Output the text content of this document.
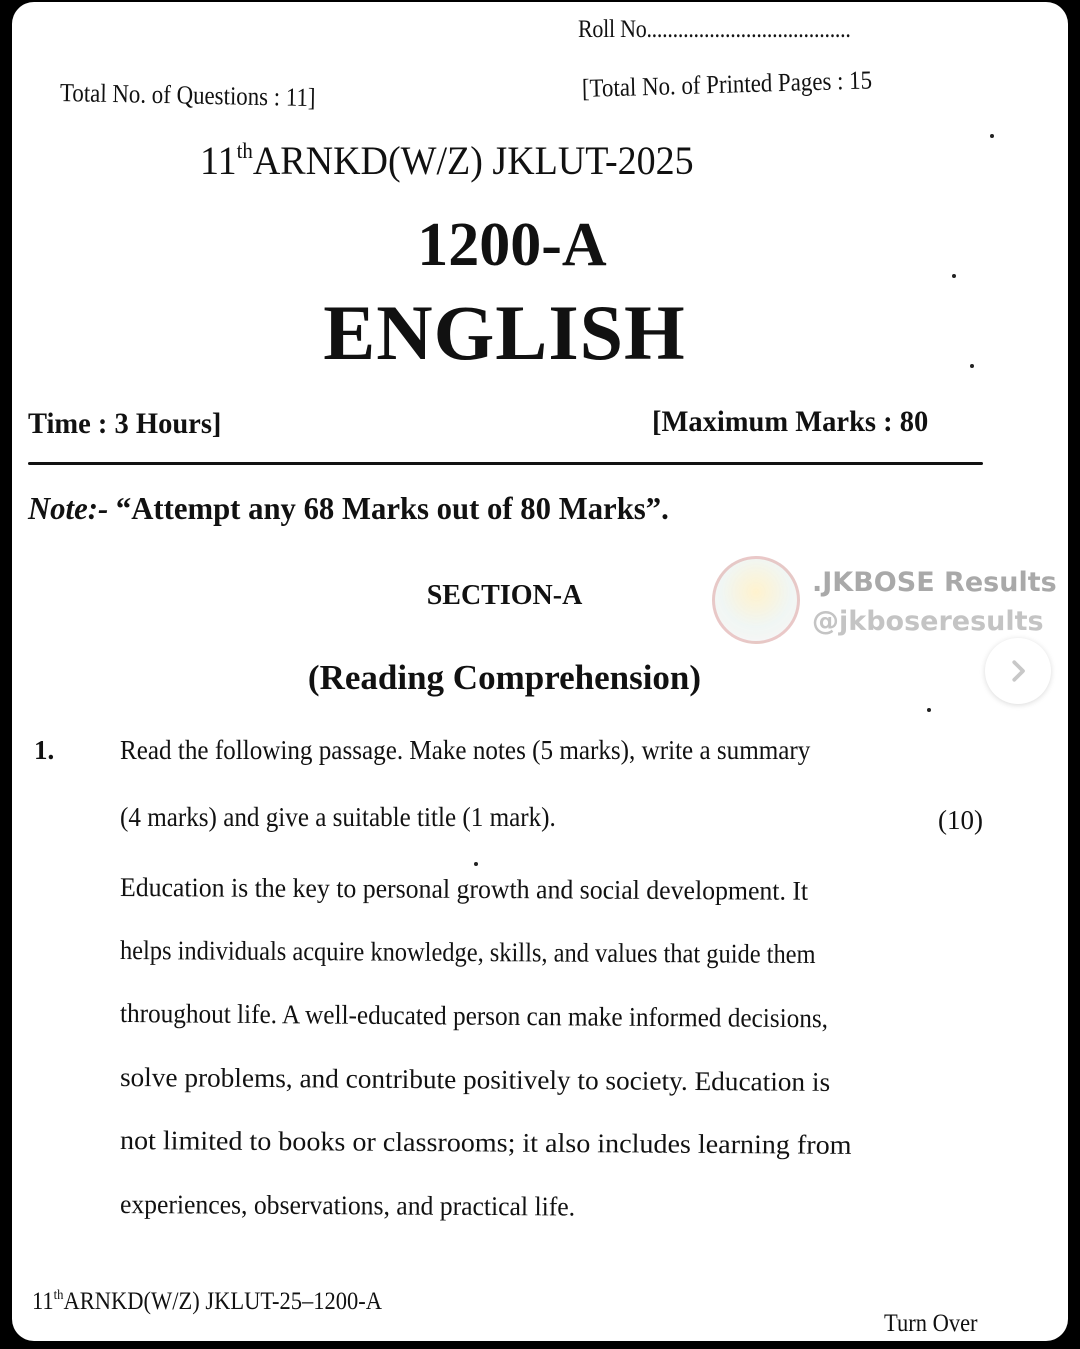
Roll No.......................................
Total No. of Questions : 11]	[Total No. of Printed Pages : 15
11thARNKD(W/Z) JKLUT-2025
1200-A
ENGLISH
Time : 3 Hours]	[Maximum Marks : 80
Note:- “Attempt any 68 Marks out of 80 Marks”.
SECTION-A
(Reading Comprehension)
1. Read the following passage. Make notes (5 marks), write a summary
(4 marks) and give a suitable title (1 mark).	(10)
Education is the key to personal growth and social development. It
helps individuals acquire knowledge, skills, and values that guide them
throughout life. A well-educated person can make informed decisions,
solve problems, and contribute positively to society. Education is
not limited to books or classrooms; it also includes learning from
experiences, observations, and practical life.
11thARNKD(W/Z) JKLUT-25–1200-A
Turn Over
.JKBOSE Results
@jkboseresults
